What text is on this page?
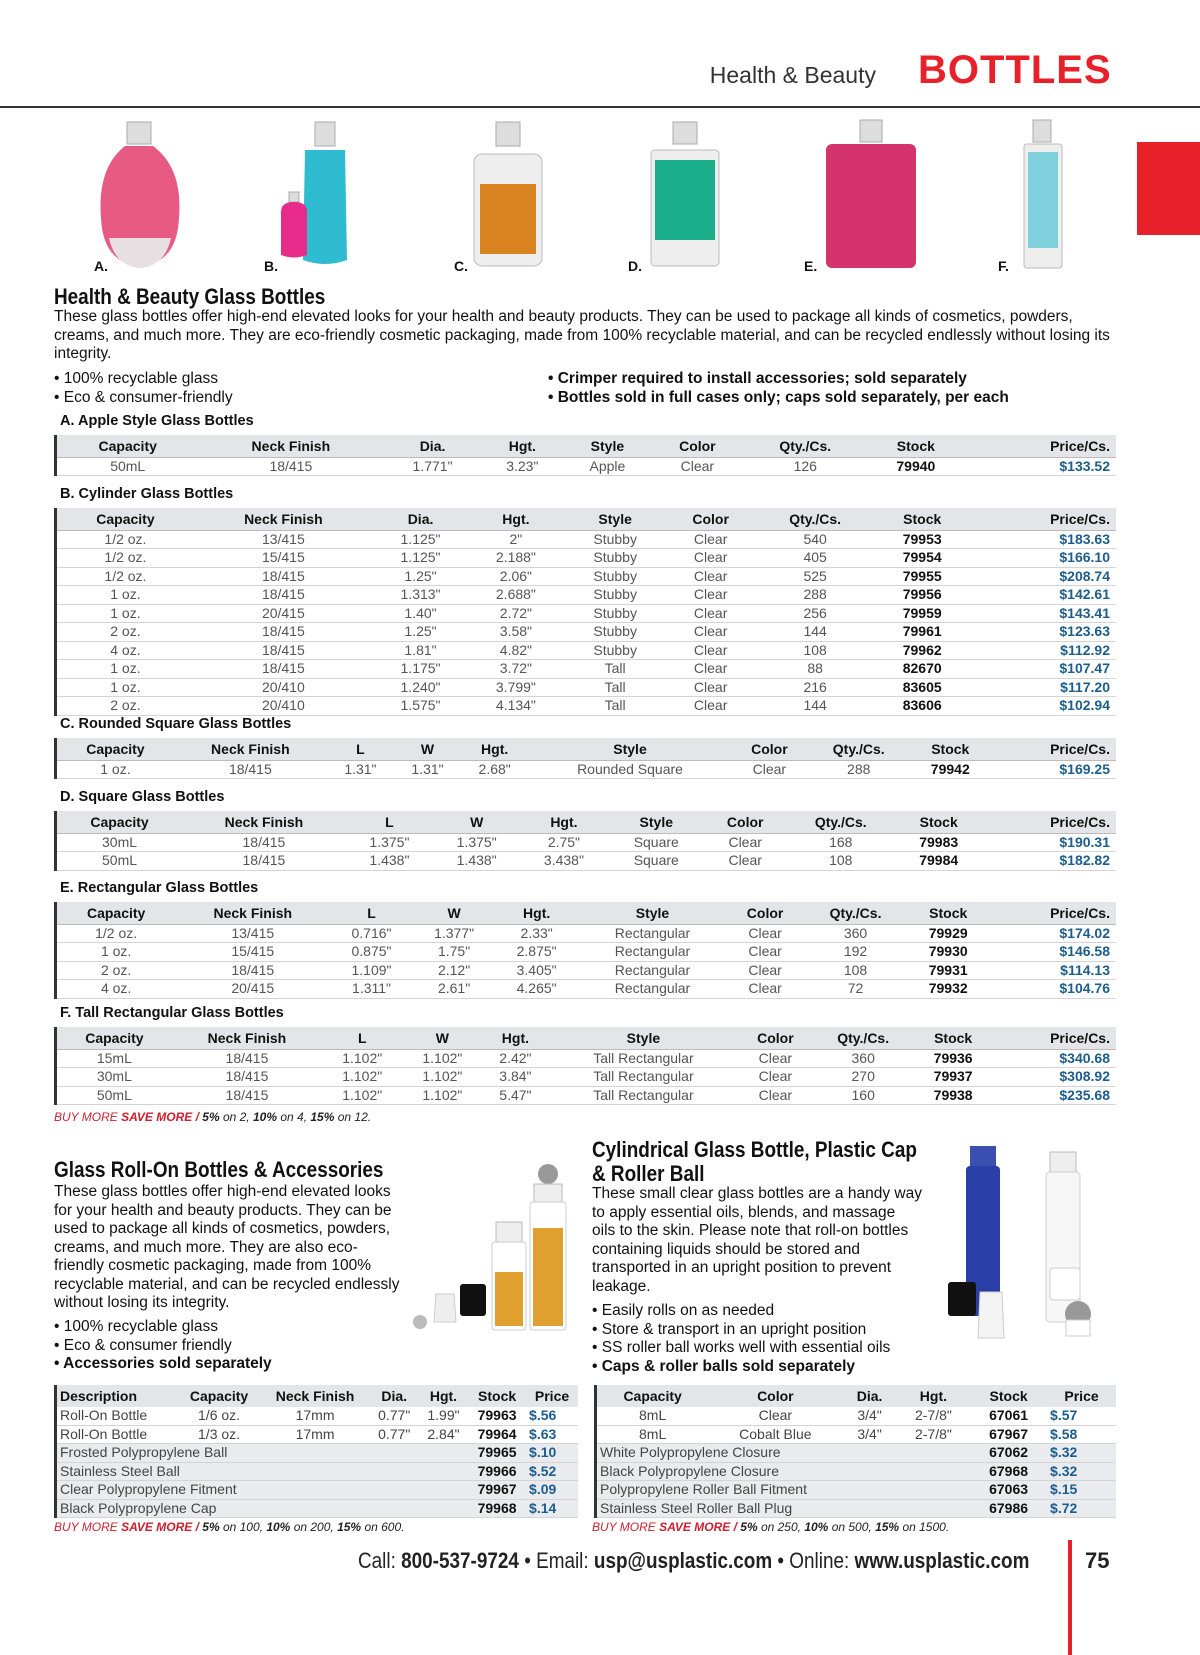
Health & Beauty BOTTLES
A.	B.	C.	D.	E.	F.
Health & Beauty Glass Bottles
These glass bottles offer high-end elevated looks for your health and beauty products. They can be used to package all kinds of cosmetics, powders, creams, and much more. They are eco-friendly cosmetic packaging, made from 100% recyclable material, and can be recycled endlessly without losing its integrity.
• 100% recyclable glass
• Eco & consumer-friendly
• Crimper required to install accessories; sold separately
• Bottles sold in full cases only; caps sold separately, per each
A. Apple Style Glass Bottles
Capacity	Neck Finish	Dia.	Hgt.	Style	Color	Qty./Cs.	Stock	Price/Cs.
50mL	18/415	1.771"	3.23"	Apple	Clear	126	79940	$133.52
B. Cylinder Glass Bottles
Capacity	Neck Finish	Dia.	Hgt.	Style	Color	Qty./Cs.	Stock	Price/Cs.
1/2 oz.	13/415	1.125"	2"	Stubby	Clear	540	79953	$183.63
1/2 oz.	15/415	1.125"	2.188"	Stubby	Clear	405	79954	$166.10
1/2 oz.	18/415	1.25"	2.06"	Stubby	Clear	525	79955	$208.74
1 oz.	18/415	1.313"	2.688"	Stubby	Clear	288	79956	$142.61
1 oz.	20/415	1.40"	2.72"	Stubby	Clear	256	79959	$143.41
2 oz.	18/415	1.25"	3.58"	Stubby	Clear	144	79961	$123.63
4 oz.	18/415	1.81"	4.82"	Stubby	Clear	108	79962	$112.92
1 oz.	18/415	1.175"	3.72"	Tall	Clear	88	82670	$107.47
1 oz.	20/410	1.240"	3.799"	Tall	Clear	216	83605	$117.20
2 oz.	20/410	1.575"	4.134"	Tall	Clear	144	83606	$102.94
C. Rounded Square Glass Bottles
Capacity	Neck Finish	L	W	Hgt.	Style	Color	Qty./Cs.	Stock	Price/Cs.
1 oz.	18/415	1.31"	1.31"	2.68"	Rounded Square	Clear	288	79942	$169.25
D. Square Glass Bottles
Capacity	Neck Finish	L	W	Hgt.	Style	Color	Qty./Cs.	Stock	Price/Cs.
30mL	18/415	1.375"	1.375"	2.75"	Square	Clear	168	79983	$190.31
50mL	18/415	1.438"	1.438"	3.438"	Square	Clear	108	79984	$182.82
E. Rectangular Glass Bottles
Capacity	Neck Finish	L	W	Hgt.	Style	Color	Qty./Cs.	Stock	Price/Cs.
1/2 oz.	13/415	0.716"	1.377"	2.33"	Rectangular	Clear	360	79929	$174.02
1 oz.	15/415	0.875"	1.75"	2.875"	Rectangular	Clear	192	79930	$146.58
2 oz.	18/415	1.109"	2.12"	3.405"	Rectangular	Clear	108	79931	$114.13
4 oz.	20/415	1.311"	2.61"	4.265"	Rectangular	Clear	72	79932	$104.76
F. Tall Rectangular Glass Bottles
Capacity	Neck Finish	L	W	Hgt.	Style	Color	Qty./Cs.	Stock	Price/Cs.
15mL	18/415	1.102"	1.102"	2.42"	Tall Rectangular	Clear	360	79936	$340.68
30mL	18/415	1.102"	1.102"	3.84"	Tall Rectangular	Clear	270	79937	$308.92
50mL	18/415	1.102"	1.102"	5.47"	Tall Rectangular	Clear	160	79938	$235.68
BUY MORE SAVE MORE / 5% on 2, 10% on 4, 15% on 12.
Glass Roll-On Bottles & Accessories
These glass bottles offer high-end elevated looks for your health and beauty products. They can be used to package all kinds of cosmetics, powders, creams, and much more. They are also eco-friendly cosmetic packaging, made from 100% recyclable material, and can be recycled endlessly without losing its integrity.
• 100% recyclable glass
• Eco & consumer friendly
• Accessories sold separately
Description	Capacity	Neck Finish	Dia.	Hgt.	Stock	Price
Roll-On Bottle	1/6 oz.	17mm	0.77"	1.99"	79963	$.56
Roll-On Bottle	1/3 oz.	17mm	0.77"	2.84"	79964	$.63
Frosted Polypropylene Ball					79965	$.10
Stainless Steel Ball					79966	$.52
Clear Polypropylene Fitment					79967	$.09
Black Polypropylene Cap					79968	$.14
BUY MORE SAVE MORE / 5% on 100, 10% on 200, 15% on 600.
Cylindrical Glass Bottle, Plastic Cap
& Roller Ball
These small clear glass bottles are a handy way to apply essential oils, blends, and massage oils to the skin. Please note that roll-on bottles containing liquids should be stored and transported in an upright position to prevent leakage.
• Easily rolls on as needed
• Store & transport in an upright position
• SS roller ball works well with essential oils
• Caps & roller balls sold separately
Capacity	Color	Dia.	Hgt.	Stock	Price
8mL	Clear	3/4"	2-7/8"	67061	$.57
8mL	Cobalt Blue	3/4"	2-7/8"	67967	$.58
White Polypropylene Closure				67062	$.32
Black Polypropylene Closure				67968	$.32
Polypropylene Roller Ball Fitment				67063	$.15
Stainless Steel Roller Ball Plug				67986	$.72
BUY MORE SAVE MORE / 5% on 250, 10% on 500, 15% on 1500.
Call: 800-537-9724 • Email: usp@usplastic.com • Online: www.usplastic.com	75
